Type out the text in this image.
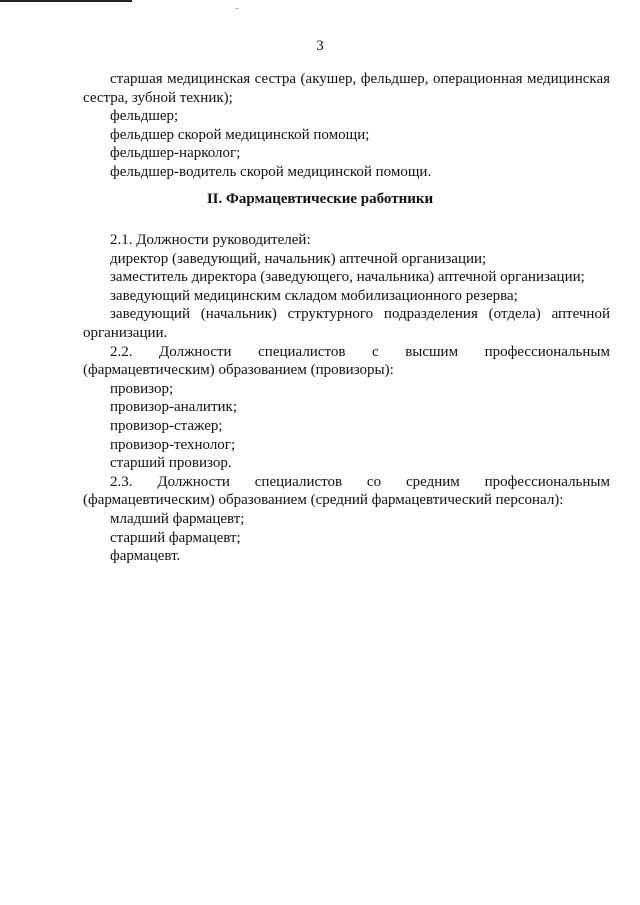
3

старшая медицинская сестра (акушер, фельдшер, операционная медицинская сестра, зубной техник);

фельдшер;

фельдшер скорой медицинской помощи;

фельдшер-нарколог;

фельдшер-водитель скорой медицинской помощи.

II. Фармацевтические работники

2.1. Должности руководителей:

директор (заведующий, начальник) аптечной организации;

заместитель директора (заведующего, начальника) аптечной организации;

заведующий медицинским складом мобилизационного резерва;

заведующий (начальник) структурного подразделения (отдела) аптечной организации.

2.2. Должности специалистов с высшим профессиональным (фармацевтическим) образованием (провизоры):

провизор;

провизор-аналитик;

провизор-стажер;

провизор-технолог;

старший провизор.

2.3. Должности специалистов со средним профессиональным (фармацевтическим) образованием (средний фармацевтический персонал):

младший фармацевт;

старший фармацевт;

фармацевт.
